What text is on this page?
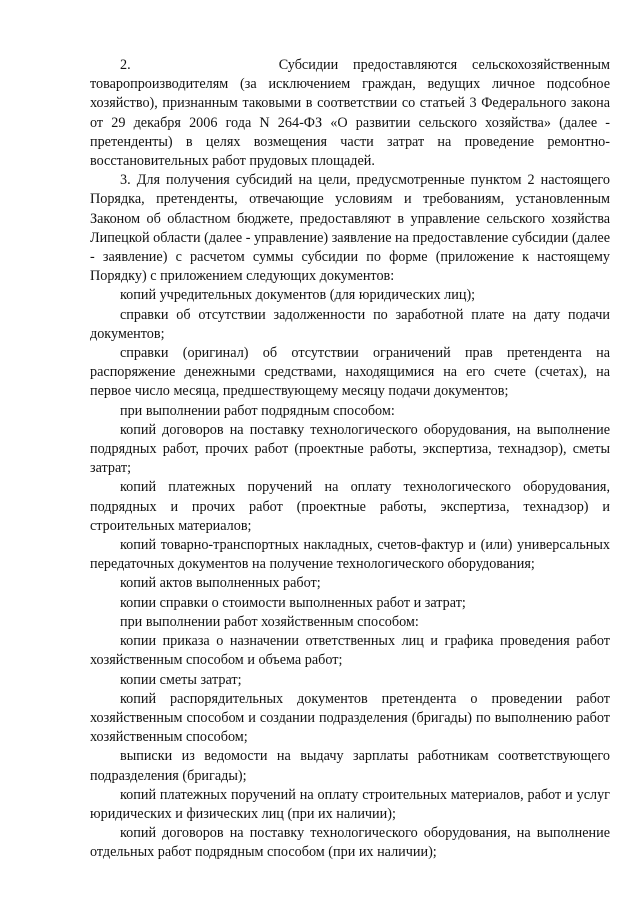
2.          Субсидии предоставляются сельскохозяйственным товаропроизводителям (за исключением граждан, ведущих личное подсобное хозяйство), признанным таковыми в соответствии со статьей 3 Федерального закона от 29 декабря 2006 года N 264-ФЗ «О развитии сельского хозяйства» (далее - претенденты) в целях возмещения части затрат на проведение ремонтно-восстановительных работ прудовых площадей.

3. Для получения субсидий на цели, предусмотренные пунктом 2 настоящего Порядка, претенденты, отвечающие условиям и требованиям, установленным Законом об областном бюджете, предоставляют в управление сельского хозяйства Липецкой области (далее - управление) заявление на предоставление субсидии (далее - заявление) с расчетом суммы субсидии по форме (приложение к настоящему Порядку) с приложением следующих документов:

копий учредительных документов (для юридических лиц);

справки об отсутствии задолженности по заработной плате на дату подачи документов;

справки (оригинал) об отсутствии ограничений прав претендента на распоряжение денежными средствами, находящимися на его счете (счетах), на первое число месяца, предшествующему месяцу подачи документов;

при выполнении работ подрядным способом:

копий договоров на поставку технологического оборудования, на выполнение подрядных работ, прочих работ (проектные работы, экспертиза, технадзор), сметы затрат;

копий платежных поручений на оплату технологического оборудования, подрядных и прочих работ (проектные работы, экспертиза, технадзор) и строительных материалов;

копий товарно-транспортных накладных, счетов-фактур и (или) универсальных передаточных документов на получение технологического оборудования;

копий актов выполненных работ;

копии справки о стоимости выполненных работ и затрат;

при выполнении работ хозяйственным способом:

копии приказа о назначении ответственных лиц и графика проведения работ хозяйственным способом и объема работ;

копии сметы затрат;

копий распорядительных документов претендента о проведении работ хозяйственным способом и создании подразделения (бригады) по выполнению работ хозяйственным способом;

выписки из ведомости на выдачу зарплаты работникам соответствующего подразделения (бригады);

копий платежных поручений на оплату строительных материалов, работ и услуг юридических и физических лиц (при их наличии);

копий договоров на поставку технологического оборудования, на выполнение отдельных работ подрядным способом (при их наличии);
